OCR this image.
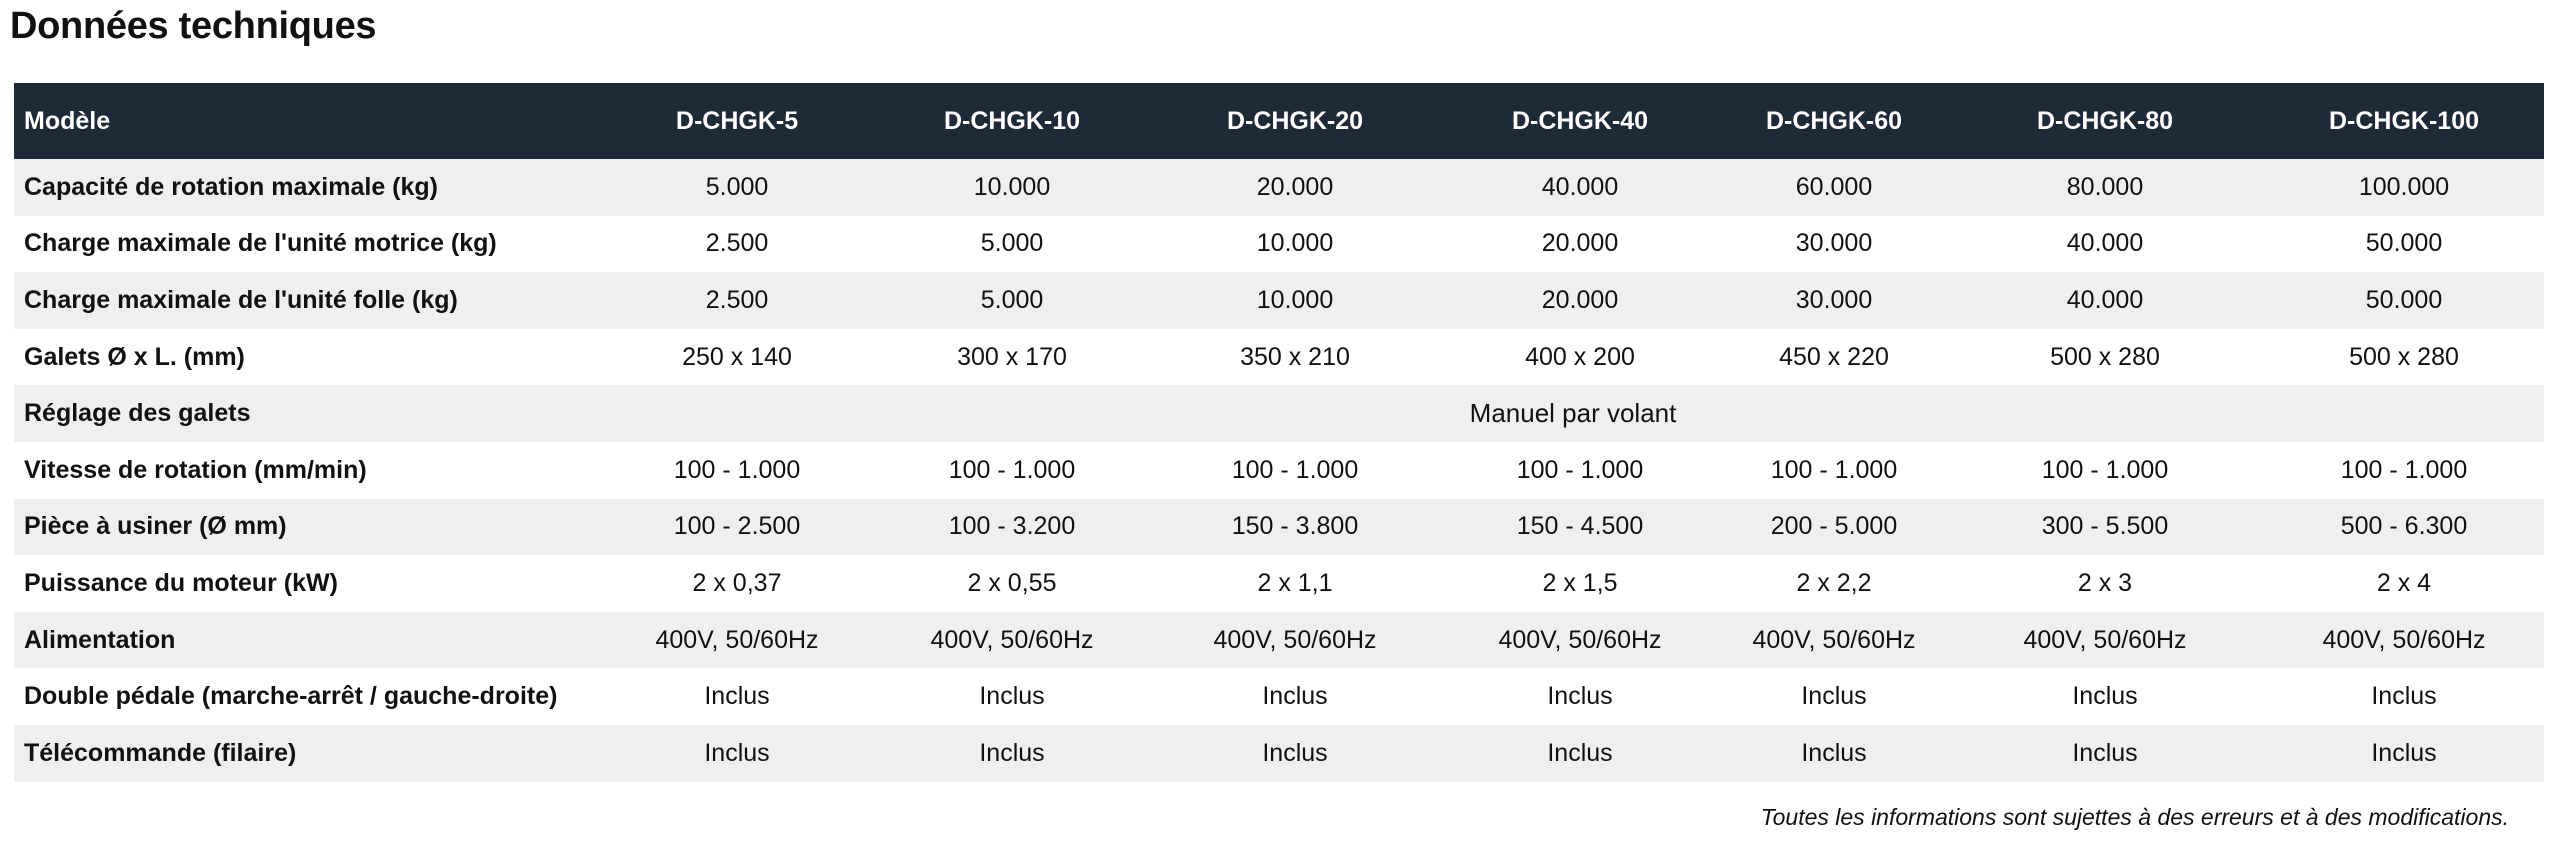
Données techniques
Modèle	D-CHGK-5	D-CHGK-10	D-CHGK-20	D-CHGK-40	D-CHGK-60	D-CHGK-80	D-CHGK-100
Capacité de rotation maximale (kg)	5.000	10.000	20.000	40.000	60.000	80.000	100.000
Charge maximale de l'unité motrice (kg)	2.500	5.000	10.000	20.000	30.000	40.000	50.000
Charge maximale de l'unité folle (kg)	2.500	5.000	10.000	20.000	30.000	40.000	50.000
Galets Ø x L. (mm)	250 x 140	300 x 170	350 x 210	400 x 200	450 x 220	500 x 280	500 x 280
Réglage des galets	Manuel par volant						
Vitesse de rotation (mm/min)	100 - 1.000	100 - 1.000	100 - 1.000	100 - 1.000	100 - 1.000	100 - 1.000	100 - 1.000
Pièce à usiner (Ø mm)	100 - 2.500	100 - 3.200	150 - 3.800	150 - 4.500	200 - 5.000	300 - 5.500	500 - 6.300
Puissance du moteur (kW)	2 x 0,37	2 x 0,55	2 x 1,1	2 x 1,5	2 x 2,2	2 x 3	2 x 4
Alimentation	400V, 50/60Hz	400V, 50/60Hz	400V, 50/60Hz	400V, 50/60Hz	400V, 50/60Hz	400V, 50/60Hz	400V, 50/60Hz
Double pédale (marche-arrêt / gauche-droite)	Inclus	Inclus	Inclus	Inclus	Inclus	Inclus	Inclus
Télécommande (filaire)	Inclus	Inclus	Inclus	Inclus	Inclus	Inclus	Inclus
Toutes les informations sont sujettes à des erreurs et à des modifications.
